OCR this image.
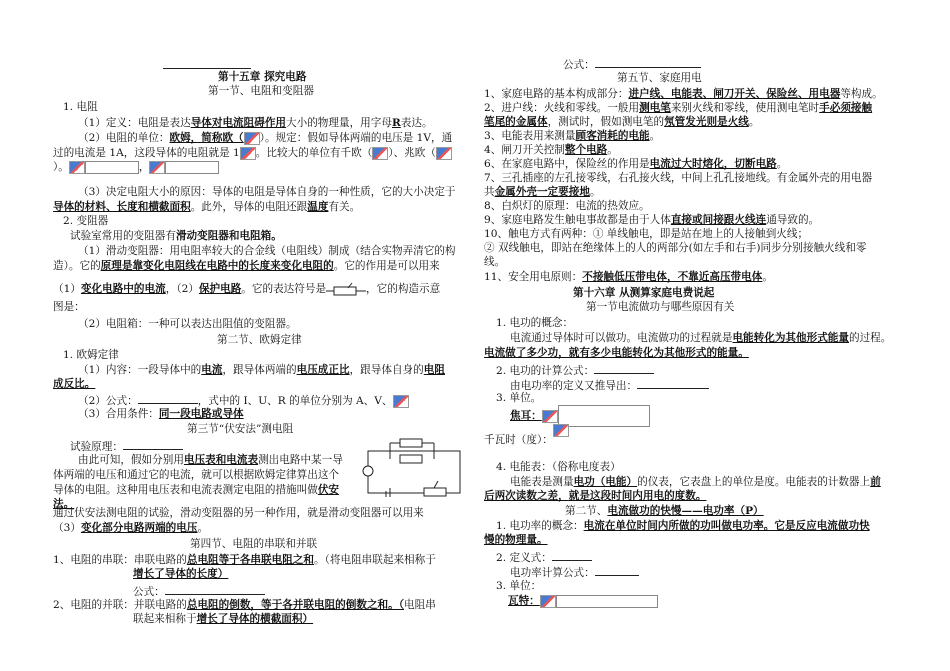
第十五章 探究电路
第一节、电阻和变阻器
1. 电阻
（1）定义：电阻是表达导体对电流阻碍作用大小的物理量，用字母R表达。
（2）电阻的单位：欧姆，简称欧（ ）。规定：假如导体两端的电压是 1V，通
过的电流是 1A，这段导体的电阻就是 1 。比较大的单位有千欧（ ）、兆欧（
）。	，
（3）决定电阻大小的原因：导体的电阻是导体自身的一种性质，它的大小决定于
导体的材料、长度和横截面积。此外，导体的电阻还跟温度有关。
2. 变阻器
试验室常用的变阻器有滑动变阻器和电阻箱。
（1）滑动变阻器：用电阻率较大的合金线（电阻线）制成（结合实物弄清它的构
造）。它的原理是靠变化电阻线在电路中的长度来变化电阻的。它的作用是可以用来
（1）变化电路中的电流，（2）保护电路。它的表达符号是	，它的构造示意
图是：
（2）电阻箱：一种可以表达出阻值的变阻器。
第二节、欧姆定律
1. 欧姆定律
（1）内容：一段导体中的电流，跟导体两端的电压成正比，跟导体自身的电阻
成反比。
（2）公式：	，式中的 I、U、R 的单位分别为 A、V、
（3）合用条件：同一段电路或导体
第三节“伏安法”测电阻
试验原理：
由此可知，假如分别用电压表和电流表测出电路中某一导
体两端的电压和通过它的电流，就可以根据欧姆定律算出这个
导体的电阻。这种用电压表和电流表测定电阻的措施叫做伏安
法。
通过伏安法测电阻的试验，滑动变阻器的另一种作用，就是滑动变阻器可以用来
（3）变化部分电路两端的电压。
第四节、电阻的串联和并联
1、电阻的串联：串联电路的总电阻等于各串联电阻之和。（将电阻串联起来相称于
增长了导体的长度）
公式：
2、电阻的并联：并联电路的总电阻的倒数，等于各并联电阻的倒数之和。（电阻串
联起来相称于增长了导体的横截面积）
公式：
第五节、家庭用电
1、家庭电路的基本构成部分：进户线、电能表、闸刀开关、保险丝、用电器等构成。
2、进户线：火线和零线。一般用测电笔来别火线和零线，使用测电笔时手必须接触
笔尾的金属体，测试时，假如测电笔的氖管发光则是火线。
3、电能表用来测量顾客消耗的电能。
4、闸刀开关控制整个电路。
6、在家庭电路中，保险丝的作用是电流过大时熔化，切断电路。
7、三孔插座的左孔接零线，右孔接火线，中间上孔孔接地线。有金属外壳的用电器
共金属外壳一定要接地。
8、白炽灯的原理：电流的热效应。
9、家庭电路发生触电事故都是由于人体直接或间接跟火线连通导致的。
10、触电方式有两种：① 单线触电，即是站在地上的人接触到火线；
② 双线触电，即站在绝缘体上的人的两部分(如左手和右手)同步分别接触火线和零
线。
11、安全用电原则：不接触低压带电体，不靠近高压带电体。
第十六章 从测算家庭电费说起
第一节电流做功与哪些原因有关
1. 电功的概念：
电流通过导体时可以做功。电流做功的过程就是电能转化为其他形式能量的过程。
电流做了多少功，就有多少电能转化为其他形式的能量。
2. 电功的计算公式：
由电功率的定义又推导出：
3. 单位。
焦耳：
千瓦时（度）：
4. 电能表：（俗称电度表）
电能表是测量电功（电能）的仪表，它表盘上的单位是度。电能表的计数器上前
后两次读数之差，就是这段时间内用电的度数。
第二节、电流做功的快慢——电功率（P）
1. 电功率的概念：电流在单位时间内所做的功叫做电功率。它是反应电流做功快
慢的物理量。
2. 定义式：
电功率计算公式：
3. 单位：
瓦特：
